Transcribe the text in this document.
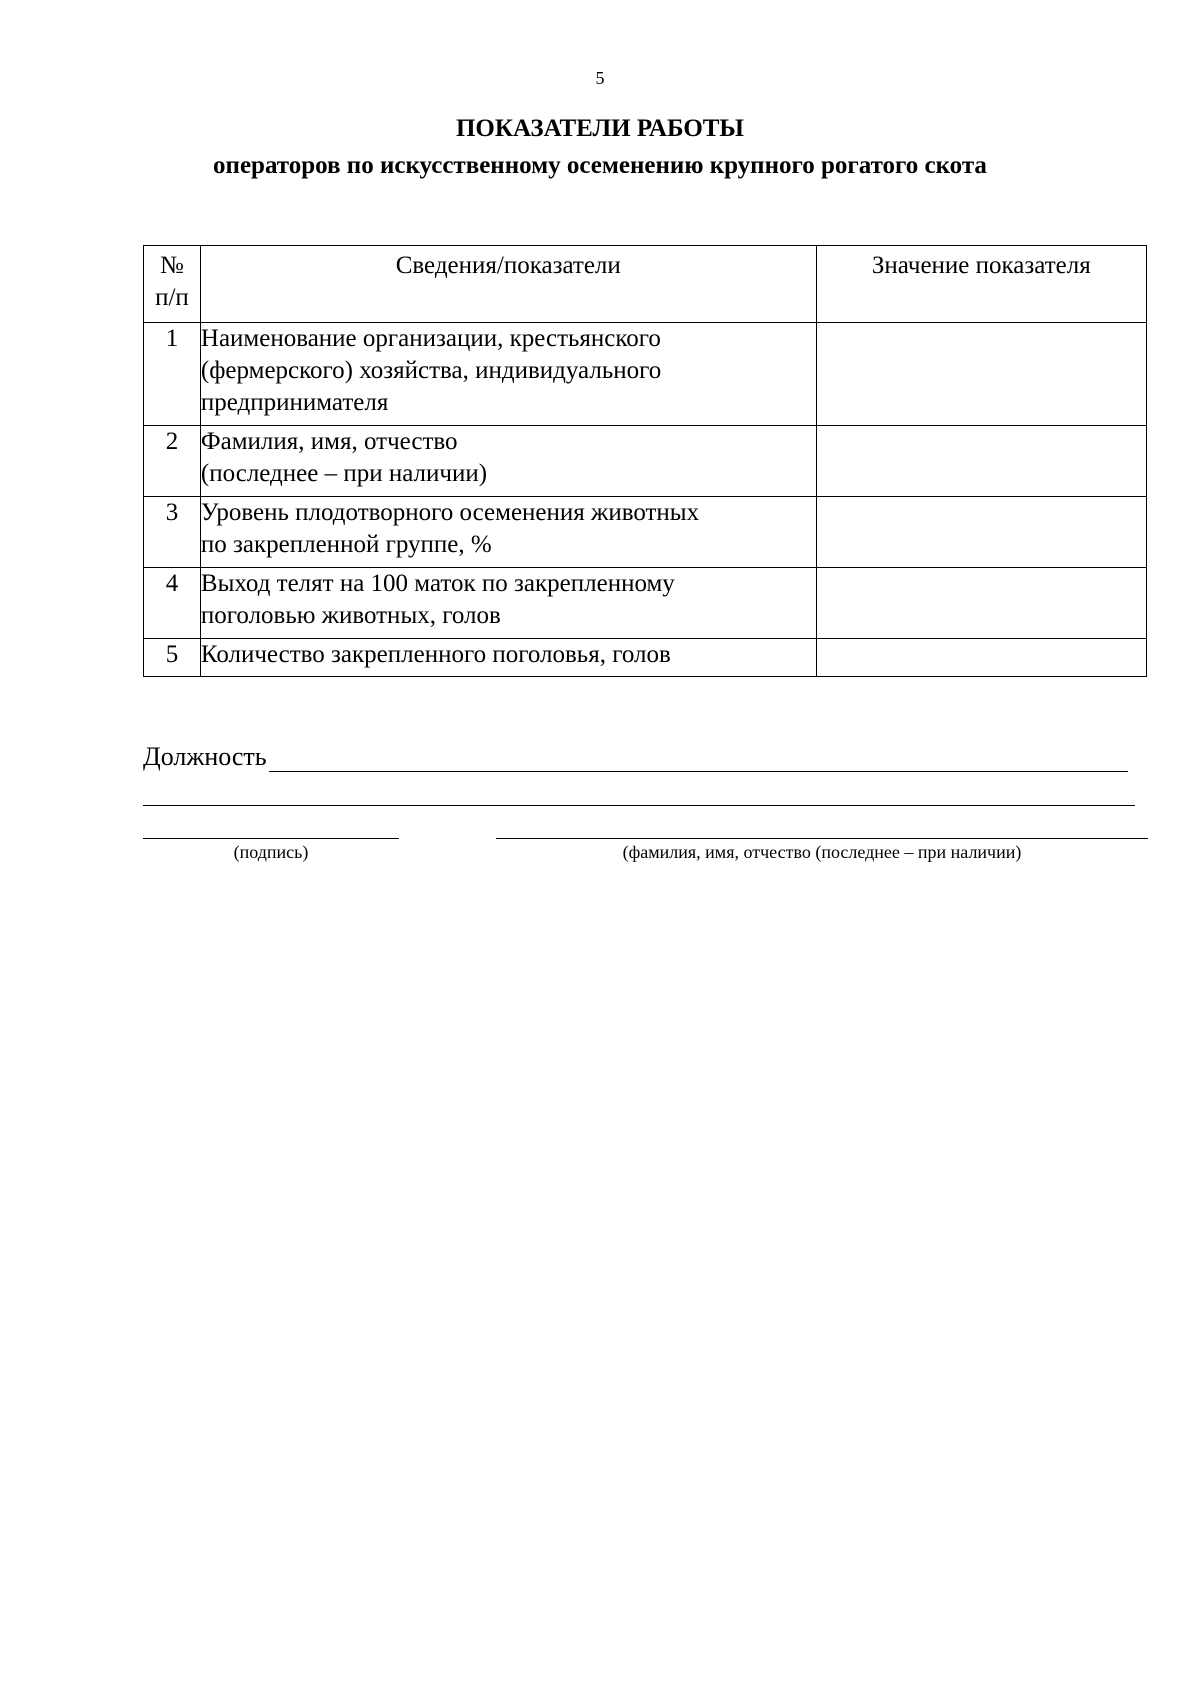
5
ПОКАЗАТЕЛИ РАБОТЫ
операторов по искусственному осеменению крупного рогатого скота
№
п/п	Сведения/показатели	Значение показателя
1	Наименование организации, крестьянского
(фермерского) хозяйства, индивидуального
предпринимателя	

2	Фамилия, имя, отчество
(последнее – при наличии)	

3	Уровень плодотворного осеменения животных
по закрепленной группе, %	

4	Выход телят на 100 маток по закрепленному
поголовью животных, голов	

5	Количество закрепленного поголовья, голов	

Должность
(подпись)	(фамилия, имя, отчество (последнее – при наличии)
